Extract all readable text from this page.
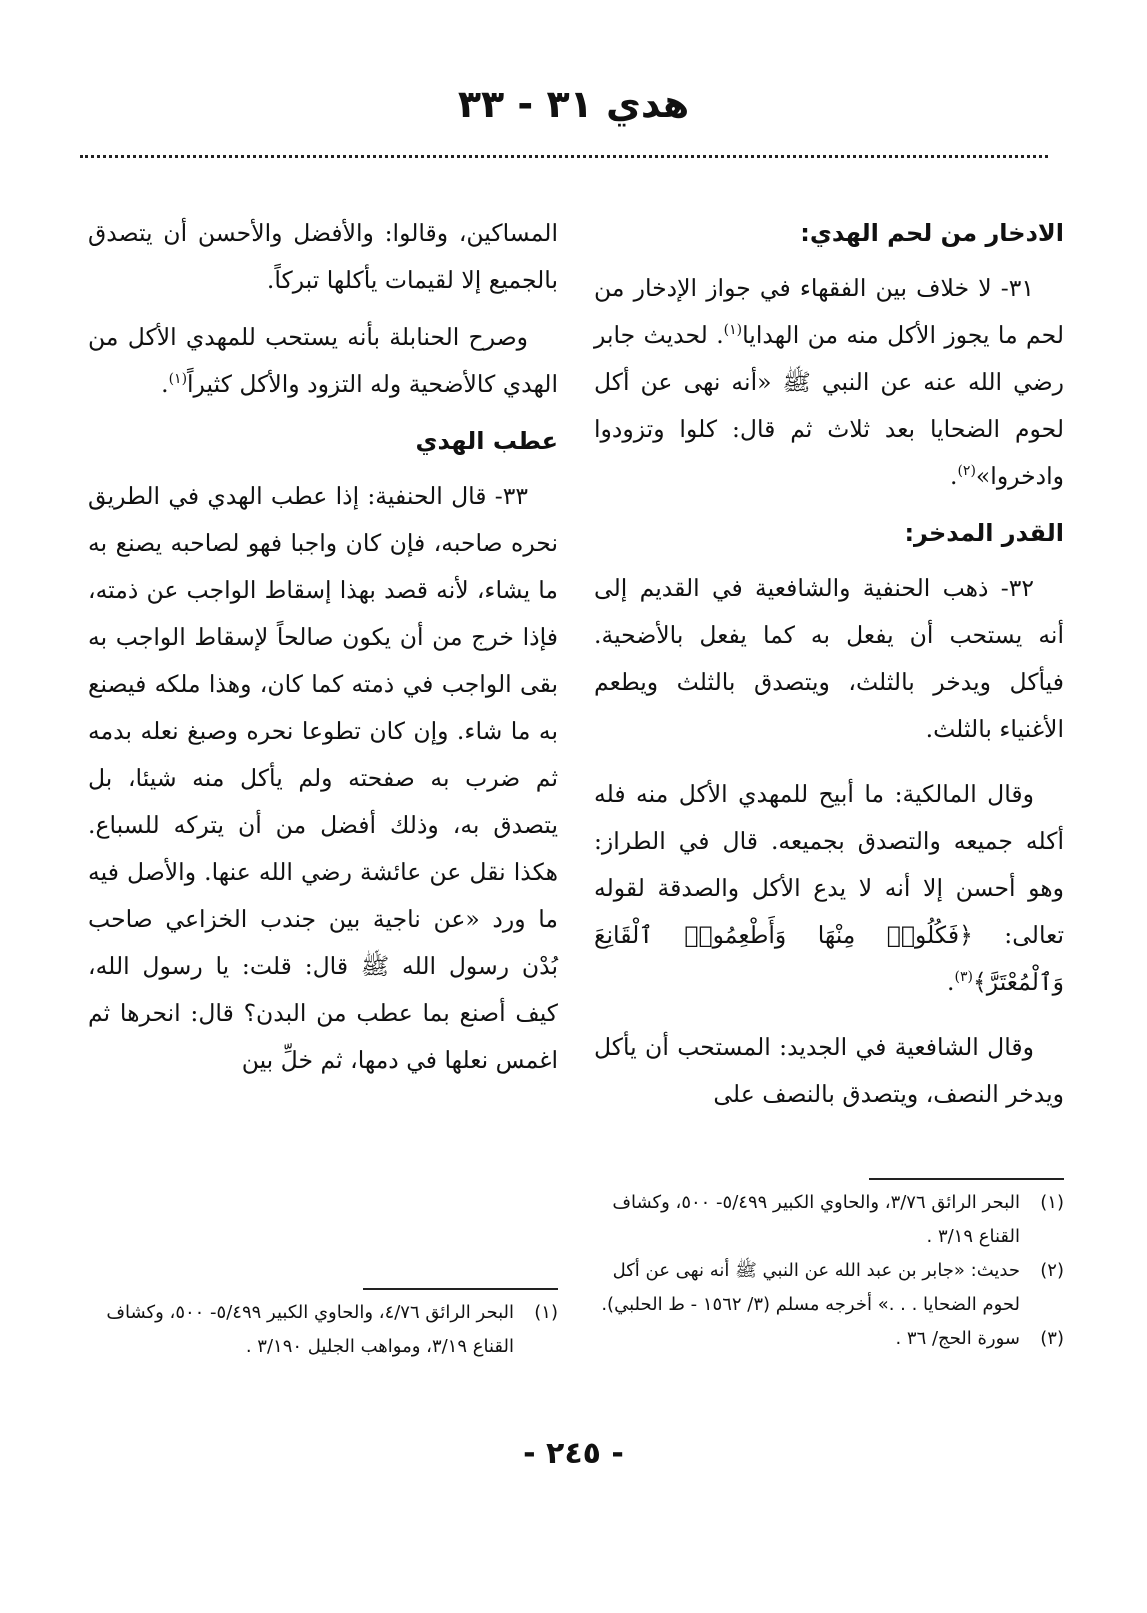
هدي ٣١ - ٣٣
الادخار من لحم الهدي:

٣١- لا خلاف بين الفقهاء في جواز الإدخار من لحم ما يجوز الأكل منه من الهدايا$^{(١)}$. لحديث جابر رضي الله عنه عن النبي ﷺ «أنه نهى عن أكل لحوم الضحايا بعد ثلاث ثم قال: كلوا وتزودوا وادخروا»$^{(٢)}$.

القدر المدخر:

٣٢- ذهب الحنفية والشافعية في القديم إلى أنه يستحب أن يفعل به كما يفعل بالأضحية. فيأكل ويدخر بالثلث، ويتصدق بالثلث ويطعم الأغنياء بالثلث.

وقال المالكية: ما أبيح للمهدي الأكل منه فله أكله جميعه والتصدق بجميعه. قال في الطراز: وهو أحسن إلا أنه لا يدع الأكل والصدقة لقوله تعالى: ﴿فَكُلُوا۟ مِنْهَا وَأَطْعِمُوا۟ ٱلْقَانِعَ وَٱلْمُعْتَرَّ﴾$^{(٣)}$.

وقال الشافعية في الجديد: المستحب أن يأكل ويدخر النصف، ويتصدق بالنصف على

المساكين، وقالوا: والأفضل والأحسن أن يتصدق بالجميع إلا لقيمات يأكلها تبركاً.

وصرح الحنابلة بأنه يستحب للمهدي الأكل من الهدي كالأضحية وله التزود والأكل كثيراً$^{(١)}$.

عطب الهدي

٣٣- قال الحنفية: إذا عطب الهدي في الطريق نحره صاحبه، فإن كان واجبا فهو لصاحبه يصنع به ما يشاء، لأنه قصد بهذا إسقاط الواجب عن ذمته، فإذا خرج من أن يكون صالحاً لإسقاط الواجب به بقى الواجب في ذمته كما كان، وهذا ملكه فيصنع به ما شاء. وإن كان تطوعا نحره وصبغ نعله بدمه ثم ضرب به صفحته ولم يأكل منه شيئا، بل يتصدق به، وذلك أفضل من أن يتركه للسباع. هكذا نقل عن عائشة رضي الله عنها. والأصل فيه ما ورد «عن ناجية بين جندب الخزاعي صاحب بُدْن رسول الله ﷺ قال: قلت: يا رسول الله، كيف أصنع بما عطب من البدن؟ قال: انحرها ثم اغمس نعلها في دمها، ثم خلِّ بين

(١)
البحر الرائق ٣/٧٦، والحاوي الكبير ٥/٤٩٩- ٥٠٠، وكشاف القناع ٣/١٩ .
(٢)
حديث: «جابر بن عبد الله عن النبي ﷺ أنه نهى عن أكل لحوم الضحايا . . .» أخرجه مسلم (٣/ ١٥٦٢ - ط الحلبي).
(٣)
سورة الحج/ ٣٦ .
(١)
البحر الرائق ٤/٧٦، والحاوي الكبير ٥/٤٩٩- ٥٠٠، وكشاف القناع ٣/١٩، ومواهب الجليل ٣/١٩٠ .
- ٢٤٥ -
